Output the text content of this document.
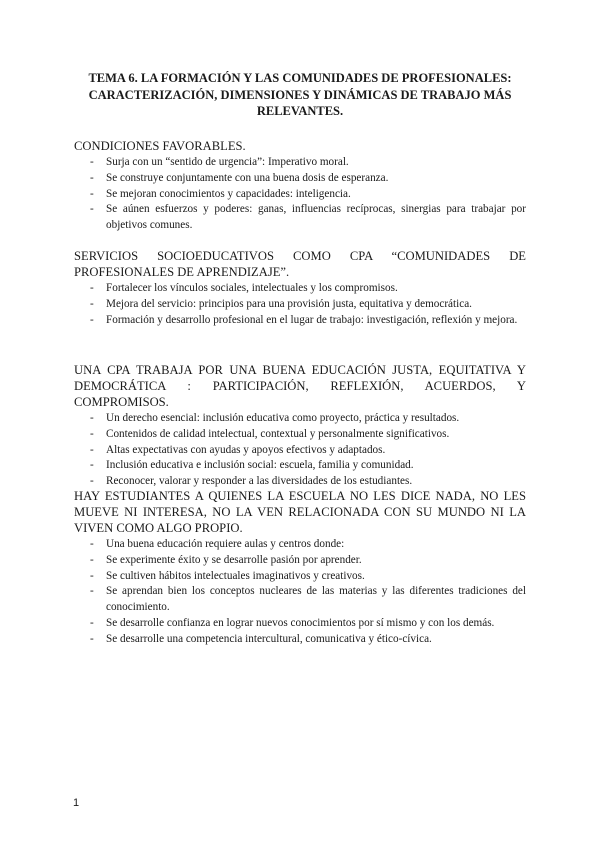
TEMA 6. LA FORMACIÓN Y LAS COMUNIDADES DE PROFESIONALES: CARACTERIZACIÓN, DIMENSIONES Y DINÁMICAS DE TRABAJO MÁS RELEVANTES.
CONDICIONES FAVORABLES.
- Surja con un “sentido de urgencia”: Imperativo moral.
- Se construye conjuntamente con una buena dosis de esperanza.
- Se mejoran conocimientos y capacidades: inteligencia.
- Se aúnen esfuerzos y poderes: ganas, influencias recíprocas, sinergias para trabajar por objetivos comunes.
SERVICIOS SOCIOEDUCATIVOS COMO CPA “COMUNIDADES DE PROFESIONALES DE APRENDIZAJE”.
- Fortalecer los vínculos sociales, intelectuales y los compromisos.
- Mejora del servicio: principios para una provisión justa, equitativa y democrática.
- Formación y desarrollo profesional en el lugar de trabajo: investigación, reflexión y mejora.
UNA CPA TRABAJA POR UNA BUENA EDUCACIÓN JUSTA, EQUITATIVA Y DEMOCRÁTICA : PARTICIPACIÓN, REFLEXIÓN, ACUERDOS, Y COMPROMISOS.
- Un derecho esencial: inclusión educativa como proyecto, práctica y resultados.
- Contenidos de calidad intelectual, contextual y personalmente significativos.
- Altas expectativas con ayudas y apoyos efectivos y adaptados.
- Inclusión educativa e inclusión social: escuela, familia y comunidad.
- Reconocer, valorar y responder a las diversidades de los estudiantes.
HAY ESTUDIANTES A QUIENES LA ESCUELA NO LES DICE NADA, NO LES MUEVE NI INTERESA, NO LA VEN RELACIONADA CON SU MUNDO NI LA VIVEN COMO ALGO PROPIO.
- Una buena educación requiere aulas y centros donde:
- Se experimente éxito y se desarrolle pasión por aprender.
- Se cultiven hábitos intelectuales imaginativos y creativos.
- Se aprendan bien los conceptos nucleares de las materias y las diferentes tradiciones del conocimiento.
- Se desarrolle confianza en lograr nuevos conocimientos por sí mismo y con los demás.
- Se desarrolle una competencia intercultural, comunicativa y ético-cívica.
1
